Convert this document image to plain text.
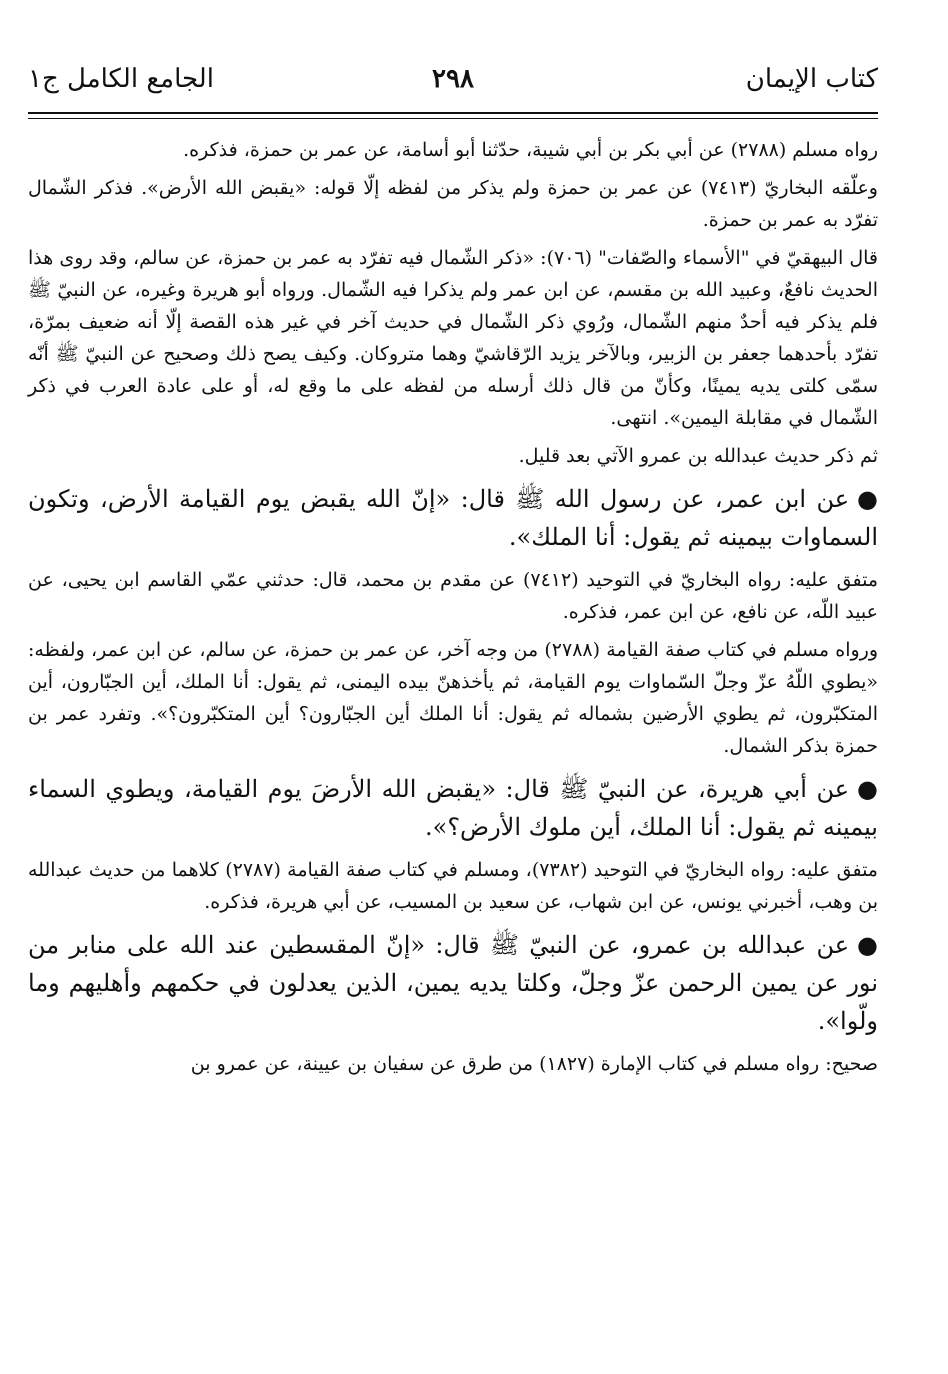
كتاب الإيمان
٢٩٨
الجامع الكامل ج١

رواه مسلم (٢٧٨٨) عن أبي بكر بن أبي شيبة، حدّثنا أبو أسامة، عن عمر بن حمزة، فذكره.

وعلّقه البخاريّ (٧٤١٣) عن عمر بن حمزة ولم يذكر من لفظه إلّا قوله: «يقبض الله الأرض». فذكر الشّمال تفرّد به عمر بن حمزة.

قال البيهقيّ في "الأسماء والصّفات" (٧٠٦): «ذكر الشّمال فيه تفرّد به عمر بن حمزة، عن سالم، وقد روى هذا الحديث نافعٌ، وعبيد الله بن مقسم، عن ابن عمر ولم يذكرا فيه الشّمال. ورواه أبو هريرة وغيره، عن النبيّ ﷺ فلم يذكر فيه أحدٌ منهم الشّمال، ورُوي ذكر الشّمال في حديث آخر في غير هذه القصة إلّا أنه ضعيف بمرّة، تفرّد بأحدهما جعفر بن الزبير، وبالآخر يزيد الرّقاشيّ وهما متروكان. وكيف يصح ذلك وصحيح عن النبيّ ﷺ أنّه سمّى كلتى يديه يمينًا، وكأنّ من قال ذلك أرسله من لفظه على ما وقع له، أو على عادة العرب في ذكر الشّمال في مقابلة اليمين». انتهى.

ثم ذكر حديث عبدالله بن عمرو الآتي بعد قليل.

●عن ابن عمر، عن رسول الله ﷺ قال: «إنّ الله يقبض يوم القيامة الأرض، وتكون السماوات بيمينه ثم يقول: أنا الملك».

متفق عليه: رواه البخاريّ في التوحيد (٧٤١٢) عن مقدم بن محمد، قال: حدثني عمّي القاسم ابن يحيى، عن عبيد اللّه، عن نافع، عن ابن عمر، فذكره.

ورواه مسلم في كتاب صفة القيامة (٢٧٨٨) من وجه آخر، عن عمر بن حمزة، عن سالم، عن ابن عمر، ولفظه: «يطوي اللّهُ عزّ وجلّ السّماوات يوم القيامة، ثم يأخذهنّ بيده اليمنى، ثم يقول: أنا الملك، أين الجبّارون، أين المتكبّرون، ثم يطوي الأرضين بشماله ثم يقول: أنا الملك أين الجبّارون؟ أين المتكبّرون؟». وتفرد عمر بن حمزة بذكر الشمال.

●عن أبي هريرة، عن النبيّ ﷺ قال: «يقبض الله الأرضَ يوم القيامة، ويطوي السماء بيمينه ثم يقول: أنا الملك، أين ملوك الأرض؟».

متفق عليه: رواه البخاريّ في التوحيد (٧٣٨٢)، ومسلم في كتاب صفة القيامة (٢٧٨٧) كلاهما من حديث عبدالله بن وهب، أخبرني يونس، عن ابن شهاب، عن سعيد بن المسيب، عن أبي هريرة، فذكره.

●عن عبدالله بن عمرو، عن النبيّ ﷺ قال: «إنّ المقسطين عند الله على منابر من نور عن يمين الرحمن عزّ وجلّ، وكلتا يديه يمين، الذين يعدلون في حكمهم وأهليهم وما ولّوا».

صحيح: رواه مسلم في كتاب الإمارة (١٨٢٧) من طرق عن سفيان بن عيينة، عن عمرو بن
